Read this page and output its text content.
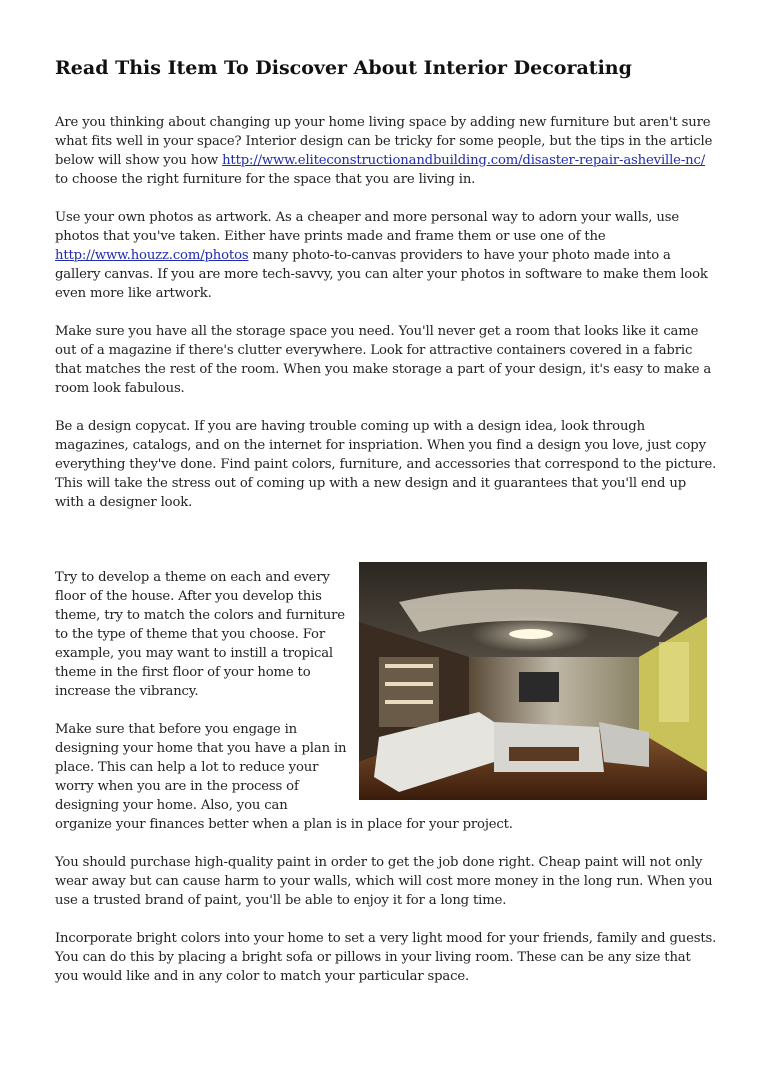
Read This Item To Discover About Interior Decorating

Are you thinking about changing up your home living space by adding new furniture but aren't sure what fits well in your space? Interior design can be tricky for some people, but the tips in the article below will show you how http://www.eliteconstructionandbuilding.com/disaster-repair-asheville-nc/ to choose the right furniture for the space that you are living in.

Use your own photos as artwork. As a cheaper and more personal way to adorn your walls, use photos that you've taken. Either have prints made and frame them or use one of the http://www.houzz.com/photos many photo-to-canvas providers to have your photo made into a gallery canvas. If you are more tech-savvy, you can alter your photos in software to make them look even more like artwork.

Make sure you have all the storage space you need. You'll never get a room that looks like it came out of a magazine if there's clutter everywhere. Look for attractive containers covered in a fabric that matches the rest of the room. When you make storage a part of your design, it's easy to make a room look fabulous.

Be a design copycat. If you are having trouble coming up with a design idea, look through magazines, catalogs, and on the internet for inspriation. When you find a design you love, just copy everything they've done. Find paint colors, furniture, and accessories that correspond to the picture. This will take the stress out of coming up with a new design and it guarantees that you'll end up with a designer look.

Try to develop a theme on each and every floor of the house. After you develop this theme, try to match the colors and furniture to the type of theme that you choose. For example, you may want to instill a tropical theme in the first floor of your home to increase the vibrancy.

Make sure that before you engage in designing your home that you have a plan in place. This can help a lot to reduce your worry when you are in the process of designing your home. Also, you can organize your finances better when a plan is in place for your project.

You should purchase high-quality paint in order to get the job done right. Cheap paint will not only wear away but can cause harm to your walls, which will cost more money in the long run. When you use a trusted brand of paint, you'll be able to enjoy it for a long time.

Incorporate bright colors into your home to set a very light mood for your friends, family and guests. You can do this by placing a bright sofa or pillows in your living room. These can be any size that you would like and in any color to match your particular space.
